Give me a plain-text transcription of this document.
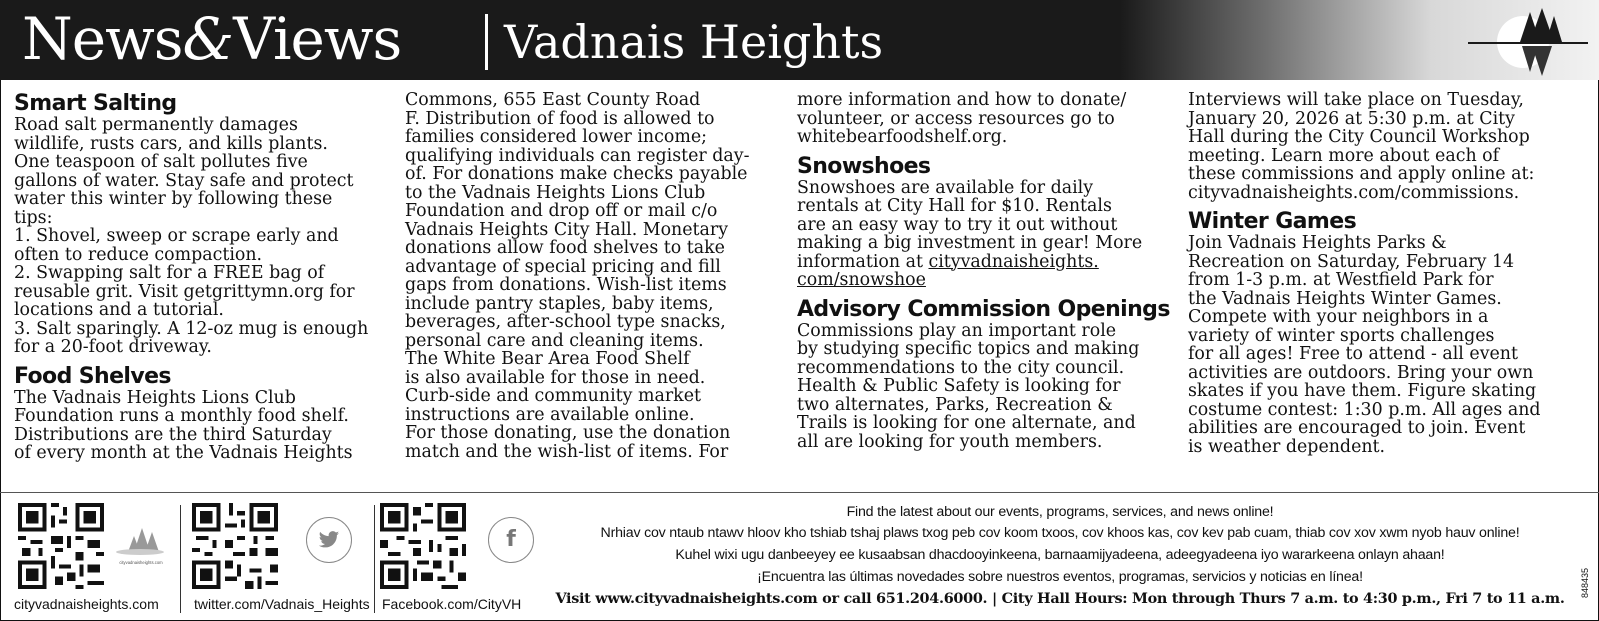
News&Views Vadnais Heights
Smart Salting

Road salt permanently damages

wildlife, rusts cars, and kills plants.

One teaspoon of salt pollutes five

gallons of water. Stay safe and protect

water this winter by following these

tips:

1. Shovel, sweep or scrape early and

often to reduce compaction.

2. Swapping salt for a FREE bag of

reusable grit. Visit getgrittymn.org for

locations and a tutorial.

3. Salt sparingly. A 12-oz mug is enough

for a 20-foot driveway.

Food Shelves

The Vadnais Heights Lions Club

Foundation runs a monthly food shelf.

Distributions are the third Saturday

of every month at the Vadnais Heights

Commons, 655 East County Road

F. Distribution of food is allowed to

families considered lower income;

qualifying individuals can register day-

of. For donations make checks payable

to the Vadnais Heights Lions Club

Foundation and drop off or mail c/o

Vadnais Heights City Hall. Monetary

donations allow food shelves to take

advantage of special pricing and fill

gaps from donations. Wish-list items

include pantry staples, baby items,

beverages, after-school type snacks,

personal care and cleaning items.

The White Bear Area Food Shelf

is also available for those in need.

Curb-side and community market

instructions are available online.

For those donating, use the donation

match and the wish-list of items. For

more information and how to donate/

volunteer, or access resources go to

whitebearfoodshelf.org.

Snowshoes

Snowshoes are available for daily

rentals at City Hall for $10. Rentals

are an easy way to try it out without

making a big investment in gear! More

information at cityvadnaisheights.

com/snowshoe

Advisory Commission Openings

Commissions play an important role

by studying specific topics and making

recommendations to the city council.

Health & Public Safety is looking for

two alternates, Parks, Recreation &

Trails is looking for one alternate, and

all are looking for youth members.

Interviews will take place on Tuesday,

January 20, 2026 at 5:30 p.m. at City

Hall during the City Council Workshop

meeting. Learn more about each of

these commissions and apply online at:

cityvadnaisheights.com/commissions.

Winter Games

Join Vadnais Heights Parks &

Recreation on Saturday, February 14

from 1-3 p.m. at Westfield Park for

the Vadnais Heights Winter Games.

Compete with your neighbors in a

variety of winter sports challenges

for all ages! Free to attend - all event

activities are outdoors. Bring your own

skates if you have them. Figure skating

costume contest: 1:30 p.m. All ages and

abilities are encouraged to join. Event

is weather dependent.

cityvadnaisheights.com
cityvadnaisheights.com	twitter.com/Vadnais_Heights
f
Facebook.com/CityVH
Find the latest about our events, programs, services, and news online!
Nrhiav cov ntaub ntawv hloov kho tshiab tshaj plaws txog peb cov koom txoos, cov khoos kas, cov kev pab cuam, thiab cov xov xwm nyob hauv online!
Kuhel wixi ugu danbeeyey ee kusaabsan dhacdooyinkeena, barnaamijyadeena, adeegyadeena iyo wararkeena onlayn ahaan!
¡Encuentra las últimas novedades sobre nuestros eventos, programas, servicios y noticias en línea!
Visit www.cityvadnaisheights.com or call 651.204.6000. | City Hall Hours: Mon through Thurs 7 a.m. to 4:30 p.m., Fri 7 to 11 a.m.
848435
